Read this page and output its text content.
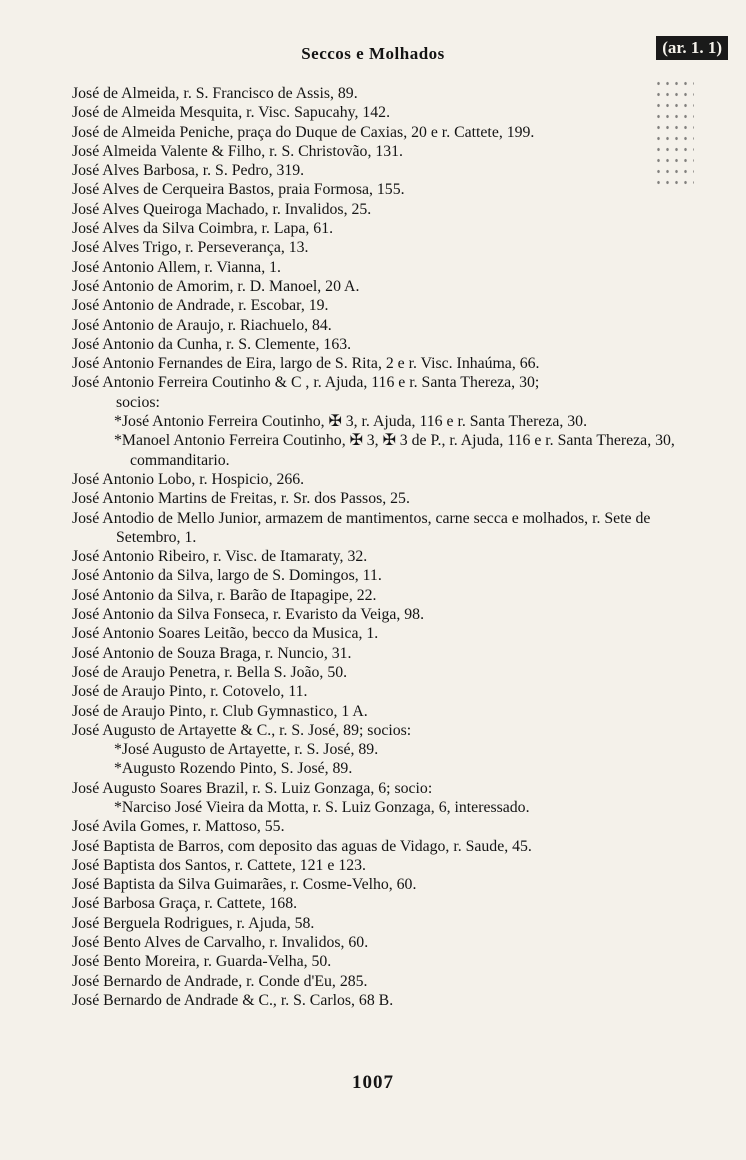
Seccos e Molhados	(ar. 1. 1)
José de Almeida, r. S. Francisco de Assis, 89.
José de Almeida Mesquita, r. Visc. Sapucahy, 142.
José de Almeida Peniche, praça do Duque de Caxias, 20 e r. Cattete, 199.
José Almeida Valente & Filho, r. S. Christovão, 131.
José Alves Barbosa, r. S. Pedro, 319.
José Alves de Cerqueira Bastos, praia Formosa, 155.
José Alves Queiroga Machado, r. Invalidos, 25.
José Alves da Silva Coimbra, r. Lapa, 61.
José Alves Trigo, r. Perseverança, 13.
José Antonio Allem, r. Vianna, 1.
José Antonio de Amorim, r. D. Manoel, 20 A.
José Antonio de Andrade, r. Escobar, 19.
José Antonio de Araujo, r. Riachuelo, 84.
José Antonio da Cunha, r. S. Clemente, 163.
José Antonio Fernandes de Eira, largo de S. Rita, 2 e r. Visc. Inhaúma, 66.
José Antonio Ferreira Coutinho & C , r. Ajuda, 116 e r. Santa Thereza, 30;
socios:
*José Antonio Ferreira Coutinho, ✠ 3, r. Ajuda, 116 e r. Santa Thereza, 30.
*Manoel Antonio Ferreira Coutinho, ✠ 3, ✠ 3 de P., r. Ajuda, 116 e r. Santa Thereza, 30, commanditario.
José Antonio Lobo, r. Hospicio, 266.
José Antonio Martins de Freitas, r. Sr. dos Passos, 25.
José Antodio de Mello Junior, armazem de mantimentos, carne secca e molhados, r. Sete de Setembro, 1.
José Antonio Ribeiro, r. Visc. de Itamaraty, 32.
José Antonio da Silva, largo de S. Domingos, 11.
José Antonio da Silva, r. Barão de Itapagipe, 22.
José Antonio da Silva Fonseca, r. Evaristo da Veiga, 98.
José Antonio Soares Leitão, becco da Musica, 1.
José Antonio de Souza Braga, r. Nuncio, 31.
José de Araujo Penetra, r. Bella S. João, 50.
José de Araujo Pinto, r. Cotovelo, 11.
José de Araujo Pinto, r. Club Gymnastico, 1 A.
José Augusto de Artayette & C., r. S. José, 89; socios:
*José Augusto de Artayette, r. S. José, 89.
*Augusto Rozendo Pinto, S. José, 89.
José Augusto Soares Brazil, r. S. Luiz Gonzaga, 6; socio:
*Narciso José Vieira da Motta, r. S. Luiz Gonzaga, 6, interessado.
José Avila Gomes, r. Mattoso, 55.
José Baptista de Barros, com deposito das aguas de Vidago, r. Saude, 45.
José Baptista dos Santos, r. Cattete, 121 e 123.
José Baptista da Silva Guimarães, r. Cosme-Velho, 60.
José Barbosa Graça, r. Cattete, 168.
José Berguela Rodrigues, r. Ajuda, 58.
José Bento Alves de Carvalho, r. Invalidos, 60.
José Bento Moreira, r. Guarda-Velha, 50.
José Bernardo de Andrade, r. Conde d'Eu, 285.
José Bernardo de Andrade & C., r. S. Carlos, 68 B.
1007
